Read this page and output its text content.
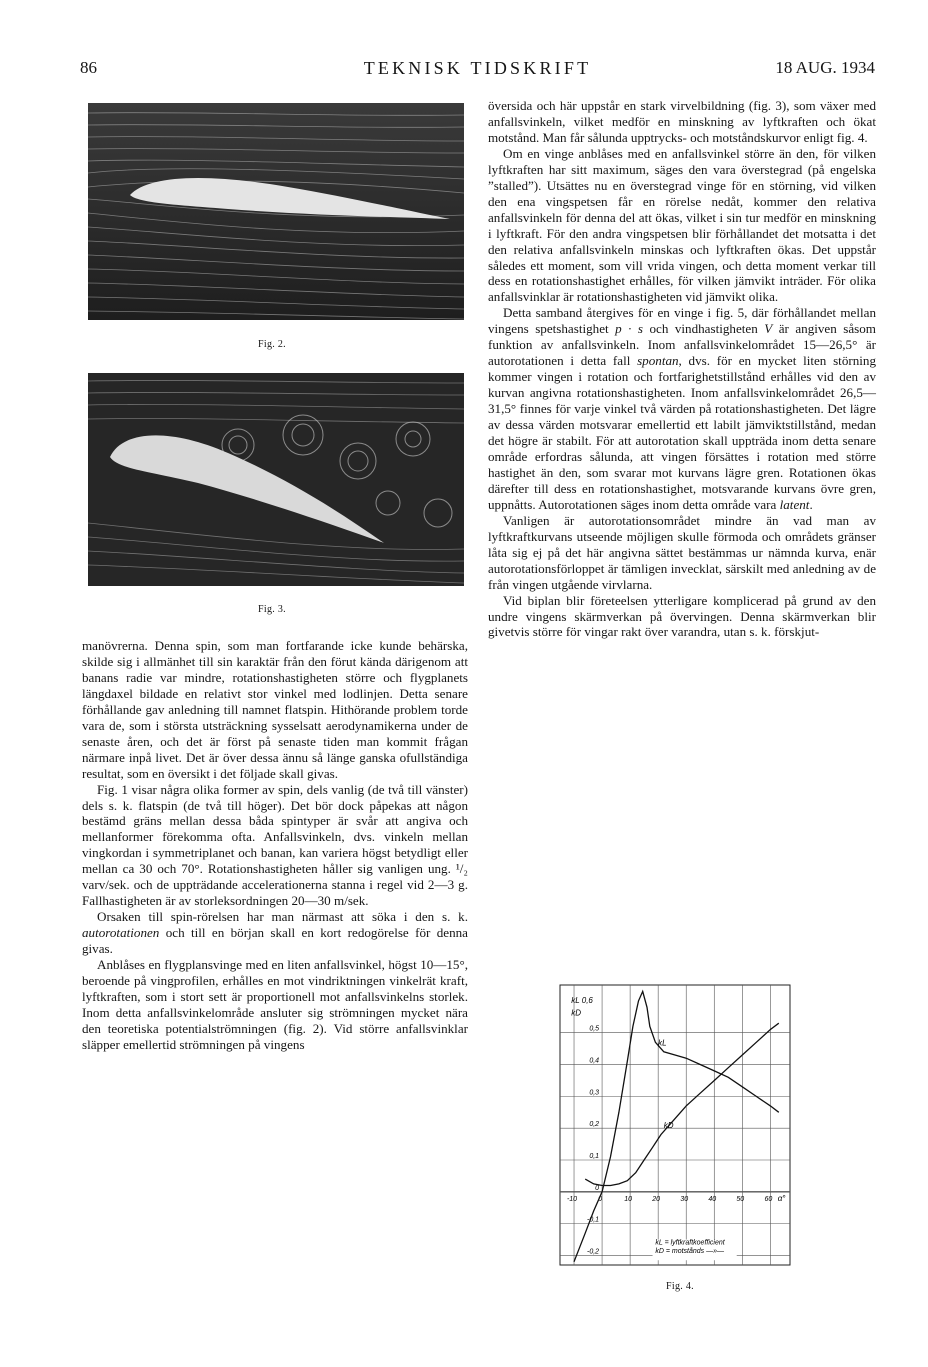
86	TEKNISK TIDSKRIFT	18 AUG. 1934
Fig. 2.
Fig. 3.

manövrerna. Denna spin, som man fortfarande icke kunde behärska, skilde sig i allmänhet till sin karaktär från den förut kända därigenom att banans radie var mindre, rotationshastigheten större och flygplanets längdaxel bildade en relativt stor vinkel med lodlinjen. Detta senare förhållande gav anledning till namnet flatspin. Hithörande problem torde vara de, som i största utsträckning sysselsatt aerodynamikerna under de senaste åren, och det är först på senaste tiden man kommit frågan närmare inpå livet. Det är över dessa ännu så länge ganska ofullständiga resultat, som en översikt i det följade skall givas.

Fig. 1 visar några olika former av spin, dels vanlig (de två till vänster) dels s. k. flatspin (de två till höger). Det bör dock påpekas att någon bestämd gräns mellan dessa båda spintyper är svår att angiva och mellanformer förekomma ofta. Anfallsvinkeln, dvs. vinkeln mellan vingkordan i symmetriplanet och banan, kan variera högst betydligt eller mellan ca 30 och 70°. Rotationshastigheten håller sig vanligen ung. ¹/₂ varv/sek. och de uppträdande accelerationerna stanna i regel vid 2—3 g. Fallhastigheten är av storleksordningen 20—30 m/sek.

Orsaken till spin-rörelsen har man närmast att söka i den s. k. autorotationen och till en början skall en kort redogörelse för denna givas.

Anblåses en flygplansvinge med en liten anfallsvinkel, högst 10—15°, beroende på vingprofilen, erhålles en mot vindriktningen vinkelrät kraft, lyftkraften, som i stort sett är proportionell mot anfallsvinkelns storlek. Inom detta anfallsvinkelområde ansluter sig strömningen mycket nära den teoretiska potentialströmningen (fig. 2). Vid större anfallsvinklar släpper emellertid strömningen på vingens

översida och här uppstår en stark virvelbildning (fig. 3), som växer med anfallsvinkeln, vilket medför en minskning av lyftkraften och ökat motstånd. Man får sålunda upptrycks- och motståndskurvor enligt fig. 4.

Om en vinge anblåses med en anfallsvinkel större än den, för vilken lyftkraften har sitt maximum, säges den vara överstegrad (på engelska ”stalled”). Utsättes nu en överstegrad vinge för en störning, vid vilken den ena vingspetsen får en rörelse nedåt, kommer den relativa anfallsvinkeln för denna del att ökas, vilket i sin tur medför en minskning i lyftkraft. För den andra vingspetsen blir förhållandet det motsatta i det den relativa anfallsvinkeln minskas och lyftkraften ökas. Det uppstår således ett moment, som vill vrida vingen, och detta moment verkar till dess en rotationshastighet erhålles, för vilken jämvikt inträder. För olika anfallsvinklar är rotationshastigheten vid jämvikt olika.

Detta samband återgives för en vinge i fig. 5, där förhållandet mellan vingens spetshastighet p · s och vindhastigheten V är angiven såsom funktion av anfallsvinkeln. Inom anfallsvinkelområdet 15—26,5° är autorotationen i detta fall spontan, dvs. för en mycket liten störning kommer vingen i rotation och fortfarighetstillstånd erhålles vid den av kurvan angivna rotationshastigheten. Inom anfallsvinkelområdet 26,5—31,5° finnes för varje vinkel två värden på rotationshastigheten. Det lägre av dessa värden motsvarar emellertid ett labilt jämviktstillstånd, medan det högre är stabilt. För att autorotation skall uppträda inom detta senare område erfordras sålunda, att vingen försättes i rotation med större hastighet än den, som svarar mot kurvans lägre gren. Rotationen ökas därefter till dess en rotationshastighet, motsvarande kurvans övre gren, uppnåtts. Autorotationen säges inom detta område vara latent.

Vanligen är autorotationsområdet mindre än vad man av lyftkraftkurvans utseende möjligen skulle förmoda och områdets gränser låta sig ej på det här angivna sättet bestämmas ur nämnda kurva, enär autorotationsförloppet är tämligen invecklat, särskilt med anledning av de från vingen utgående virvlarna.

Vid biplan blir företeelsen ytterligare komplicerad på grund av den undre vingens skärmverkan på övervingen. Denna skärmverkan blir givetvis större för vingar rakt över varandra, utan s. k. förskjut-

0,5
0,4
0,3
0,2
0,1
0
-0,1
-0,2
-10	0	10	20	30	40	50	60 α°
kL 0,6
kD
kL
kD
kL = lyftkraftkoefficient
kD = motstånds —»—
Fig. 4.
